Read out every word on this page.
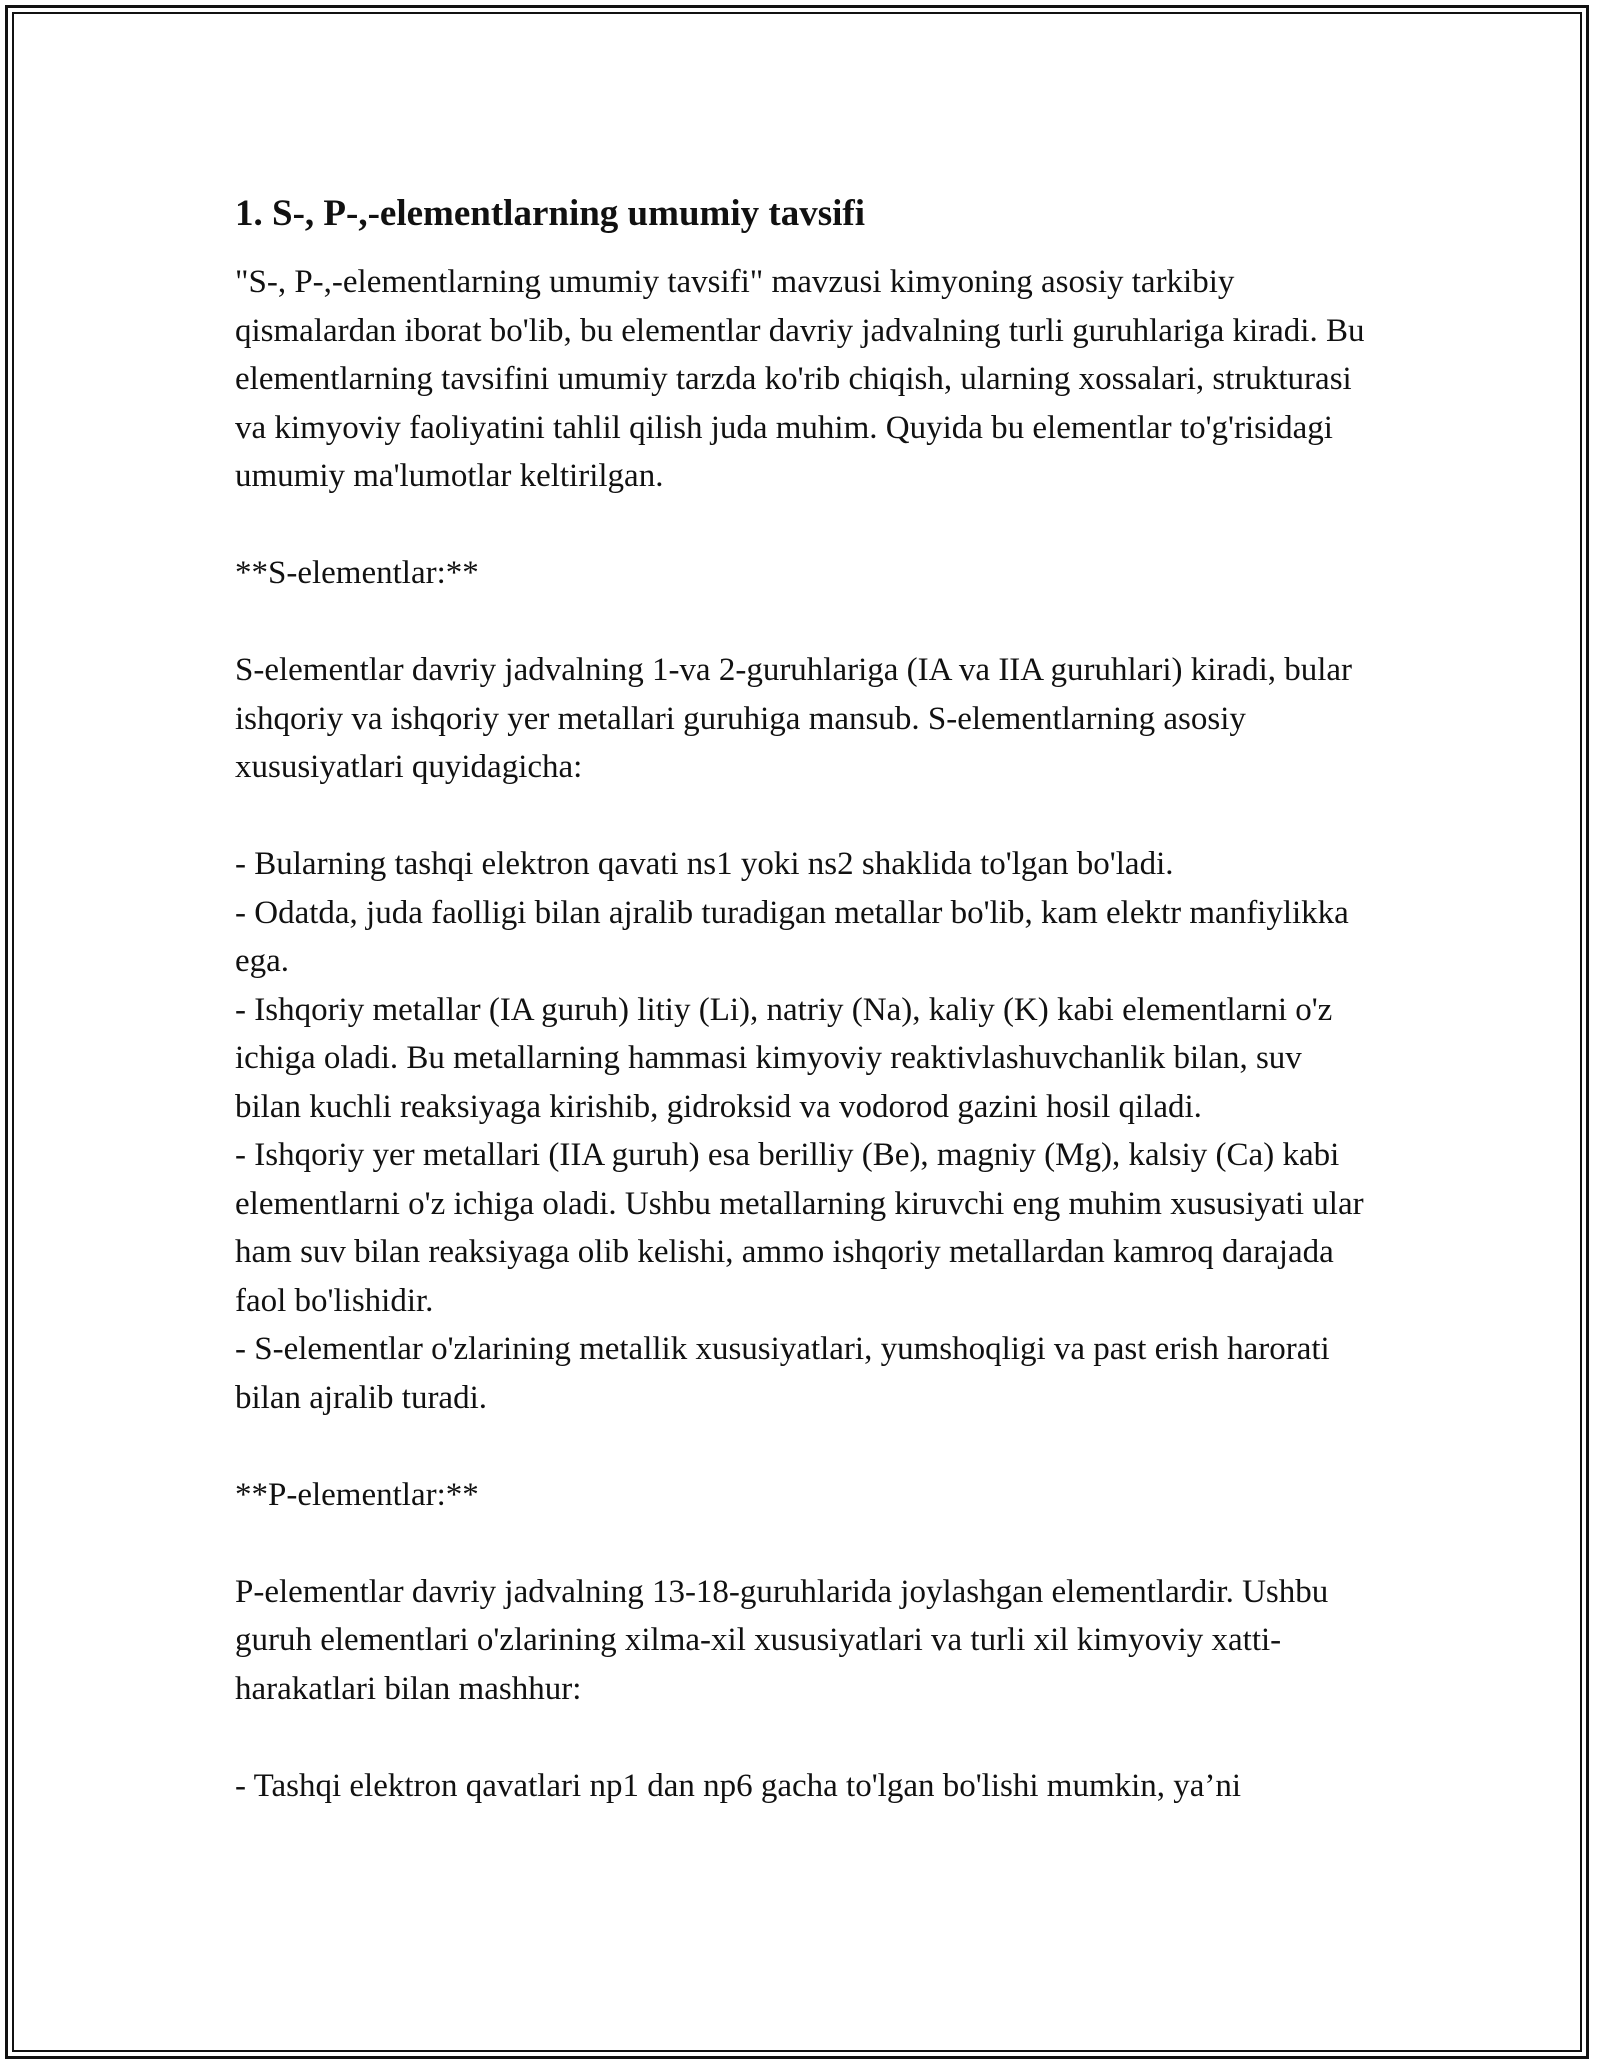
1. S-, P-,-elementlarning umumiy tavsifi

"S-, P-,-elementlarning umumiy tavsifi" mavzusi kimyoning asosiy tarkibiy qismalardan iborat bo'lib, bu elementlar davriy jadvalning turli guruhlariga kiradi. Bu elementlarning tavsifini umumiy tarzda ko'rib chiqish, ularning xossalari, strukturasi va kimyoviy faoliyatini tahlil qilish juda muhim. Quyida bu elementlar to'g'risidagi umumiy ma'lumotlar keltirilgan.

**S-elementlar:**

S-elementlar davriy jadvalning 1-va 2-guruhlariga (IA va IIA guruhlari) kiradi, bular ishqoriy va ishqoriy yer metallari guruhiga mansub. S-elementlarning asosiy xususiyatlari quyidagicha:

- Bularning tashqi elektron qavati ns1 yoki ns2 shaklida to'lgan bo'ladi.

- Odatda, juda faolligi bilan ajralib turadigan metallar bo'lib, kam elektr manfiylikka ega.

- Ishqoriy metallar (IA guruh) litiy (Li), natriy (Na), kaliy (K) kabi elementlarni o'z ichiga oladi. Bu metallarning hammasi kimyoviy reaktivlashuvchanlik bilan, suv bilan kuchli reaksiyaga kirishib, gidroksid va vodorod gazini hosil qiladi.

- Ishqoriy yer metallari (IIA guruh) esa berilliy (Be), magniy (Mg), kalsiy (Ca) kabi elementlarni o'z ichiga oladi. Ushbu metallarning kiruvchi eng muhim xususiyati ular ham suv bilan reaksiyaga olib kelishi, ammo ishqoriy metallardan kamroq darajada faol bo'lishidir.

- S-elementlar o'zlarining metallik xususiyatlari, yumshoqligi va past erish harorati bilan ajralib turadi.

**P-elementlar:**

P-elementlar davriy jadvalning 13-18-guruhlarida joylashgan elementlardir. Ushbu guruh elementlari o'zlarining xilma-xil xususiyatlari va turli xil kimyoviy xatti-harakatlari bilan mashhur:

- Tashqi elektron qavatlari np1 dan np6 gacha to'lgan bo'lishi mumkin, ya’ni
